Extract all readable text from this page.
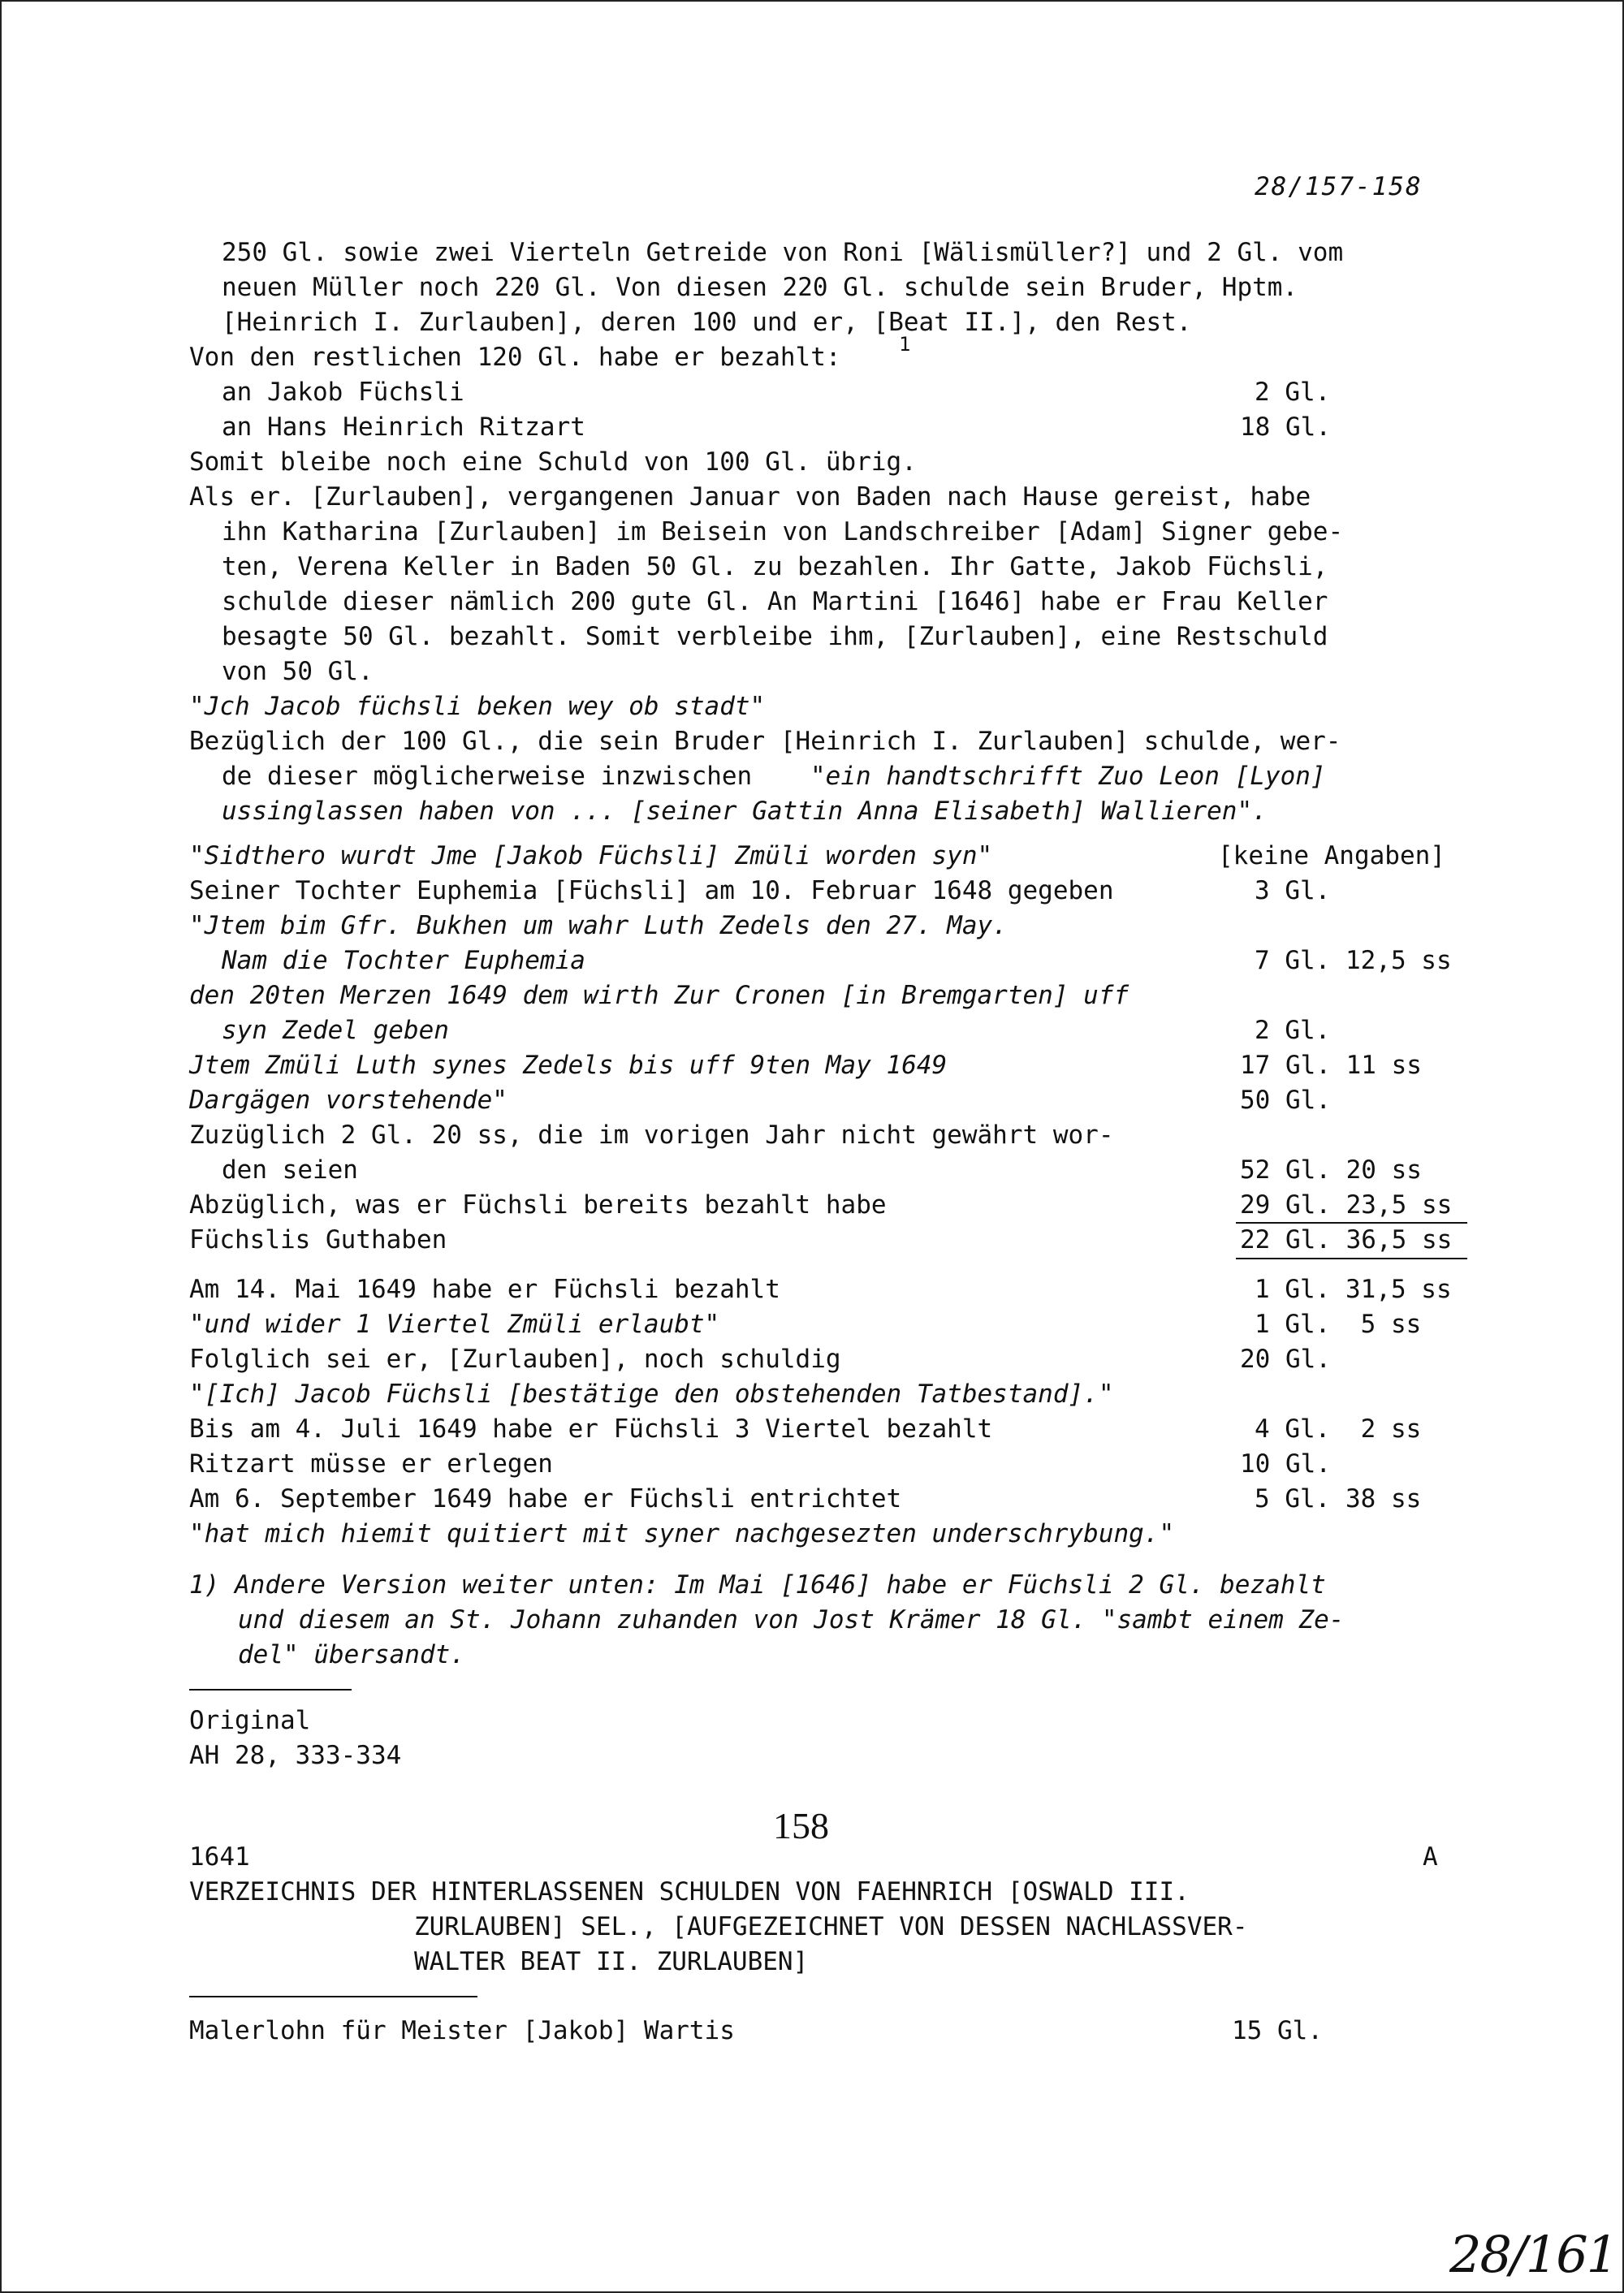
28/157-158
250 Gl. sowie zwei Vierteln Getreide von Roni [Wälismüller?] und 2 Gl. vom
neuen Müller noch 220 Gl. Von diesen 220 Gl. schulde sein Bruder, Hptm.
[Heinrich I. Zurlauben], deren 100 und er, [Beat II.], den Rest.
Von den restlichen 120 Gl. habe er bezahlt:	1
an Jakob Füchsli	2 Gl.
an Hans Heinrich Ritzart	18 Gl.
Somit bleibe noch eine Schuld von 100 Gl. übrig.
Als er. [Zurlauben], vergangenen Januar von Baden nach Hause gereist, habe
ihn Katharina [Zurlauben] im Beisein von Landschreiber [Adam] Signer gebe-
ten, Verena Keller in Baden 50 Gl. zu bezahlen. Ihr Gatte, Jakob Füchsli,
schulde dieser nämlich 200 gute Gl. An Martini [1646] habe er Frau Keller
besagte 50 Gl. bezahlt. Somit verbleibe ihm, [Zurlauben], eine Restschuld
von 50 Gl.
"Jch Jacob füchsli beken wey ob stadt"
Bezüglich der 100 Gl., die sein Bruder [Heinrich I. Zurlauben] schulde, wer-
de dieser möglicherweise inzwischen "ein handtschrifft Zuo Leon [Lyon]
ussinglassen haben von ... [seiner Gattin Anna Elisabeth] Wallieren".
"Sidthero wurdt Jme [Jakob Füchsli] Zmüli worden syn"	[keine Angaben]
Seiner Tochter Euphemia [Füchsli] am 10. Februar 1648 gegeben	3 Gl.
"Jtem bim Gfr. Bukhen um wahr Luth Zedels den 27. May.
Nam die Tochter Euphemia	7 Gl. 12,5 ss
den 20ten Merzen 1649 dem wirth Zur Cronen [in Bremgarten] uff
syn Zedel geben	2 Gl.
Jtem Zmüli Luth synes Zedels bis uff 9ten May 1649	17 Gl. 11 ss
Dargägen vorstehende"	50 Gl.
Zuzüglich 2 Gl. 20 ss, die im vorigen Jahr nicht gewährt wor-
den seien	52 Gl. 20 ss
Abzüglich, was er Füchsli bereits bezahlt habe	29 Gl. 23,5 ss
Füchslis Guthaben	22 Gl. 36,5 ss
Am 14. Mai 1649 habe er Füchsli bezahlt	1 Gl. 31,5 ss
"und wider 1 Viertel Zmüli erlaubt"	1 Gl.  5 ss
Folglich sei er, [Zurlauben], noch schuldig	20 Gl.
"[Ich] Jacob Füchsli [bestätige den obstehenden Tatbestand]."
Bis am 4. Juli 1649 habe er Füchsli 3 Viertel bezahlt	4 Gl.  2 ss
Ritzart müsse er erlegen	10 Gl.
Am 6. September 1649 habe er Füchsli entrichtet	5 Gl. 38 ss
"hat mich hiemit quitiert mit syner nachgesezten underschrybung."
1) Andere Version weiter unten: Im Mai [1646] habe er Füchsli 2 Gl. bezahlt
und diesem an St. Johann zuhanden von Jost Krämer 18 Gl. "sambt einem Ze-
del" übersandt.
Original
AH 28, 333-334
158
1641	A
VERZEICHNIS DER HINTERLASSENEN SCHULDEN VON FAEHNRICH [OSWALD III.
ZURLAUBEN] SEL., [AUFGEZEICHNET VON DESSEN NACHLASSVER-
WALTER BEAT II. ZURLAUBEN]
Malerlohn für Meister [Jakob] Wartis	15 Gl.
28/161
